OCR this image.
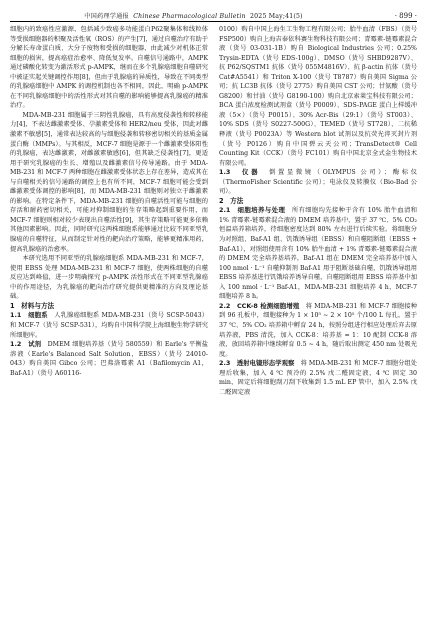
中国药理学通报 Chinese Pharmacological Bulletin 2025 May;41(5)	· 899 ·

细胞内的致癌性应激源，包括减少致癌多功能蛋白P62聚集体和线粒体等受损细胞器的积聚及活性氧（ROS）的产生[7]，通过自噬治疗有助于分解长寿命蛋白质、大分子废物和受损的细胞器，由此减少对机体正常细胞的损害，提高癌症治愈率、降低复发率。自噬信号通路中，AMPK 通过磷酸化转变为激活形式 p-AMPK，继而在多个乳腺癌细胞自噬研究中被证实起关键调控作用[8]，但由于乳腺癌的异质性，导致在不同类型的乳腺癌细胞中 AMPK 的调控机制也各不相同，因此，明确 p-AMPK 在不同乳腺癌细胞中的活性形式对其自噬的影响能够提高乳腺癌的精准治疗。

MDA-MB-231 细胞属于三阴性乳腺癌，具有高度侵袭性和转移能力[4]，不表达雌激素受体、孕激素受体和 HER2/neu 受体，因此对雌激素不敏感[5]，通常表达较高的与细胞侵袭和转移密切相关的基质金属蛋白酶（MMPs）。与其相反，MCF-7 细胞是源于一个雌激素受体阳性的乳腺癌，表达雌激素，对雌激素敏感[6]，但其缺乏侵袭性[7]，更适用于研究乳腺癌的生长、增殖以及雌激素信号传导通路。由于 MDA-MB-231 和 MCF-7 两种细胞在雌激素受体状态上存在差异，造成其在与自噬相关的信号通路的调控上也有所不同，MCF-7 细胞可能会受到雌激素受体调控的影响[8]，而 MDA-MB-231 细胞则对独立于雌激素的影响。在特定条件下，MDA-MB-231 细胞的自噬活性可能与细胞的存活和耐药密切相关，可能对抑制细胞的生存策略起到重要作用，而 MCF-7 细胞则相对较少表现出自噬活性[9]，其生存策略可能更多依赖其他因素影响。因此，同时研究这两株细胞系能够通过比较不同亚型乳腺癌的自噬特征，从而制定针对性的靶向治疗策略，能够更精准用药，提高乳腺癌的治愈率。

本研究选用不同亚型的乳腺癌细胞系 MDA-MB-231 和 MCF-7，使用 EBSS 处理 MDA-MB-231 和 MCF-7 细胞，使两株细胞的自噬反应达到峰值，进一步明确探究 p-AMPK 活性形式在不同亚型乳腺癌中的作用途径，为乳腺癌的靶向治疗研究提供更精准的方向及理论基础。

1　材料与方法

1.1　细胞系　 人乳腺癌细胞系 MDA-MB-231（货号 SCSP-5043）和 MCF-7（货号 SCSP-531），均购自中国科学院上海细胞生物学研究所细胞库。

1.2　试剂　 DMEM 细胞培养基（货号 580559）和 Earle's 平衡盐溶液（Earle's Balanced Salt Solution，EBSS）（货号 24010-043）购自美国 Gibco 公司；巴弗洛霉素 A1（Bafilomycin A1，Baf-A1）（货号 A60116-

0100）购自中国上海生工生物工程有限公司；胎牛血清（FBS）（货号 FSP500）购自上海吉泰依科赛生物科技有限公司；青霉素-链霉素混合液（货号 03-031-1B）购自 Biological Industries 公司；0.25% Trysin-EDTA（货号 EDS-100g）、DMSO（货号 SHBD9287V）、抗 P62/SQSTM1 抗体（货号 055M4816V）、抗 β-actin 抗体（货号 Cat#A5541）和 Triton X-100（货号 T8787）购自美国 Sigma 公司；抗 LC3B 抗体（货号 2775）购自美国 CST 公司；甘氨酸（货号 G8200）和甘油（货号 G8190-100）购自北京索莱宝科技有限公司；BCA 蛋白浓度检测试剂盒（货号 P0009）、SDS-PAGE 蛋白上样缓冲液（5×）（货号 P0015）、30% Acr-Bis（29:1）（货号 ST003）、10% SDS（货号 S0227-500G）、TEMED（货号 ST728）、二抗稀释液（货号 P0023A）等 Western blot 试剂以及抗荧光淬灭封片剂（货号 P0126）购自中国碧云天公司；TransDetect® Cell Counting Kit（CCK）（货号 FC101）购自中国北京全式金生物技术有限公司。

1.3　仪器　 倒置显微镜（OLYMPUS 公司）；酶标仪（ThermoFisher Scientific 公司）；电泳仪及转膜仪（Bio-Bad 公司）。

2　方法

2.1　细胞培养与处理　 所有细胞均先接种于含有 10% 胎牛血清和 1% 青霉素-链霉素混合液的 DMEM 培养基中，置于 37 ℃、5% CO₂ 恒温培养箱培养，待细胞密度达到 80% 左右进行后续实验。将细胞分为对照组、Baf-A1 组、饥饿诱导组（EBSS）和自噬阻断组（EBSS + Baf-A1），对照组使用含有 10% 胎牛血清 + 1% 青霉素-链霉素混合液的 DMEM 完全培养基培养，Baf-A1 组在 DMEM 完全培养基中加入 100 nmol · L⁻¹ 自噬抑制剂 Baf-A1 用于阻断基础自噬，饥饿诱导组用 EBSS 培养基进行饥饿培养诱导自噬，自噬阻断组用 EBSS 培养基中加入 100 nmol · L⁻¹ Baf-A1，MDA-MB-231 细胞培养 4 h，MCF-7 细胞培养 8 h。

2.2　CCK-8 检测细胞增殖　 将 MDA-MB-231 和 MCF-7 细胞接种到 96 孔板中，细胞接种为 1 × 10⁵ ~ 2 × 10⁵ 个/100 L 每孔，置于 37 ℃、5% CO₂ 培养箱中孵育 24 h，按照分组进行相应处理后弃去原培养液，PBS 清洗，加入 CCK-8：培养基 = 1：10 配制 CCK-8 溶液，放回培养箱中继续孵育 0.5 ~ 4 h，随后取出测定 450 nm 处吸光度。

2.3　透射电镜形态学观察　 将 MDA-MB-231 和 MCF-7 细胞分组处理后收集，加入 4 ℃ 预冷的 2.5% 戊二醛固定液，4 ℃ 固定 30 min，固定后将细胞刮刀刮下收集到 1.5 mL EP 管中，加入 2.5% 戊二醛固定液
